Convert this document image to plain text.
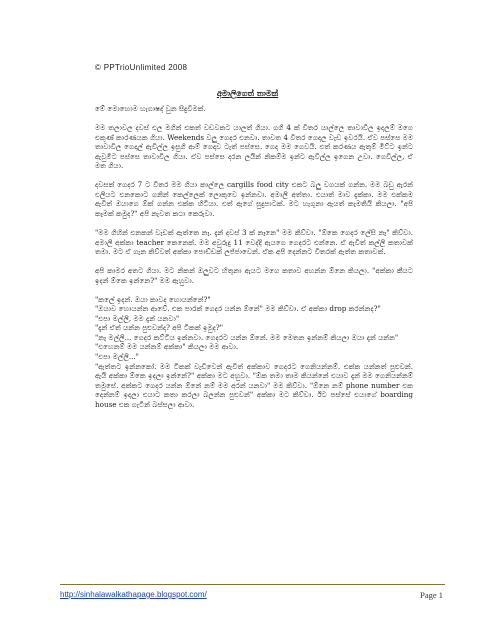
© PPTrioUnlimited 2008
අමාලිගෙත් තාමක්

මේ මොහොම හැගාෂද් වුන සිදුවීමක්.

මම තලාවල දවස් එල මගින් එකත් වඩවකට යාලත් ගියා. ගගී 4 ක් විතර යාල්ලෙ තාවාවිල ඉදලම් මගෙ එකුණ් කාරණයක ගියා. Weekends වලු ගෙදර එනවා. තාවත 4 විතර ගෙදල වැඩ ඉවරයි. ඒව පස්සෙ මම තාවාවිල ගෙදාල් ඇවිල්ල ඉසුගි ආම් ගෙදාව ටැත් පස්සෙ. ගෙද මම ගෙවයි. එත් කරණය ඇතුම් මිට්ට ඉන්ට ඇවුමිට පස්සෙ තාවාවිල ගියා. ඒව පස්සෙ දරන ලයින් නිකම්ම ඉන්ට ඇවිල්ල ඉගෙන උවා. ගෙවිල්ල, ඒ මත ගියා.

දවසක් ගෙදර 7 ට විතර මම ගියා කාල්ලෙ cargills food city එකට බලු වගයක් ගන්න. මම බඩු ඇරන් එලියට එනකොට ගනින් කෙල්ලෙක් ලොකුවෙ ඉන්නවා. අමාලි අත්තා. එයාත් මාව දැක්කා. මම එක්කම ඇවිත් ඔයාගෙ ඕක් ගන්න එක්ක හිටියා. එත් ඇගේ සුදුපාටක්. මට හැගුනා ඇයත් කැමතියි කියලා. "අපි කෑමක් කමුද?" අපි නැවත කථා කෙරුවා.

"මම ගිහින් එනකන් වැඩක් ඇත්තෙ නෑ. දැන් දවස් 3 ක් නෑනෙ" මම කිව්වා. "ඕකෙ ගෙදර ලේසි නෑ" කිව්වා. අමාලි අක්කා teacher කෙනෙක්. මම අවුරුදු 11 වෙද්දි ඇයගෙ ගෙදරට එන්නෙ. ඒ ඇවිත් කල්ලි කතාවක් තමා. මට ඒ ගැන කිව්වත් අක්කා පොඩ්ඩක් ලජ්ජාවෙන්. ඒක අපි දෙන්නට විතරක් ඇත්ත කතාවක්.

අපි කාමර අතට ගියා. මට නිකන් ඔලුවට හිතුනා ඇයට මගෙ කතාව අහන්න ඕනෙ කියලා. "අක්කා කීයට ඉදන් ඕකෙ ඉන්නෙ?" මම ඇහුවා.

"කලේ ඉදන්. ඔයා කාවද හොයන්නේ?"

"ඔයාව හොයන්න ආවේ. එක පාරක් ගෙදර යන්න ඕනේ" මම කිව්වා. ඒ අක්කා drop කරන්නද?"

"එපා මල්ලි, මම දැන් යනවා"

"දැන් ඒත් යන්න පුළුවන්ද? අපි ටිකක් ඉමුද?"

"නෑ මල්ලි... ගෙදර කට්ටිය ඉන්නවා. ගෙදරට යන්න ඕනේ. මම මෙතන ඉන්නම් කියලා ඔයා දැන් යන්න"

"එහෙනම් මම යන්නම් අක්කා" කියලා මම ආවා.

"එපා මල්ලි..."

"ඇත්තට ඉන්නකෝ. මම ටිකක් වැඩිවෙන් ඇවිත් අක්කාව ගෙදරට ගෙනියන්නම්. එක්ක යන්නත් පුළුවන්. ඇයි අක්කා ඕකෙ ඉදලා ඉන්නේ?" අක්කා මට අහුවා. "ඕක තමා තාම කියන්නේ එයාව දැන් මම ගෙනියන්නම් තමුසේ. අක්කට ගෙදර යන්න ඕනේ නම් මම අරන් යනවා" මම කිව්වා. "ඕනෙ නම් phone number එක දෙන්නම් ඉදලා එයාට කතා කරලා බලන්න පුළුවන්" අක්කා මට කිව්වා. ඊට පස්සේ එයාගේ boarding house එක ගැටින් බස්සලා ආවා.

http://sinhalawalkathapage.blogspot.com/	Page 1
